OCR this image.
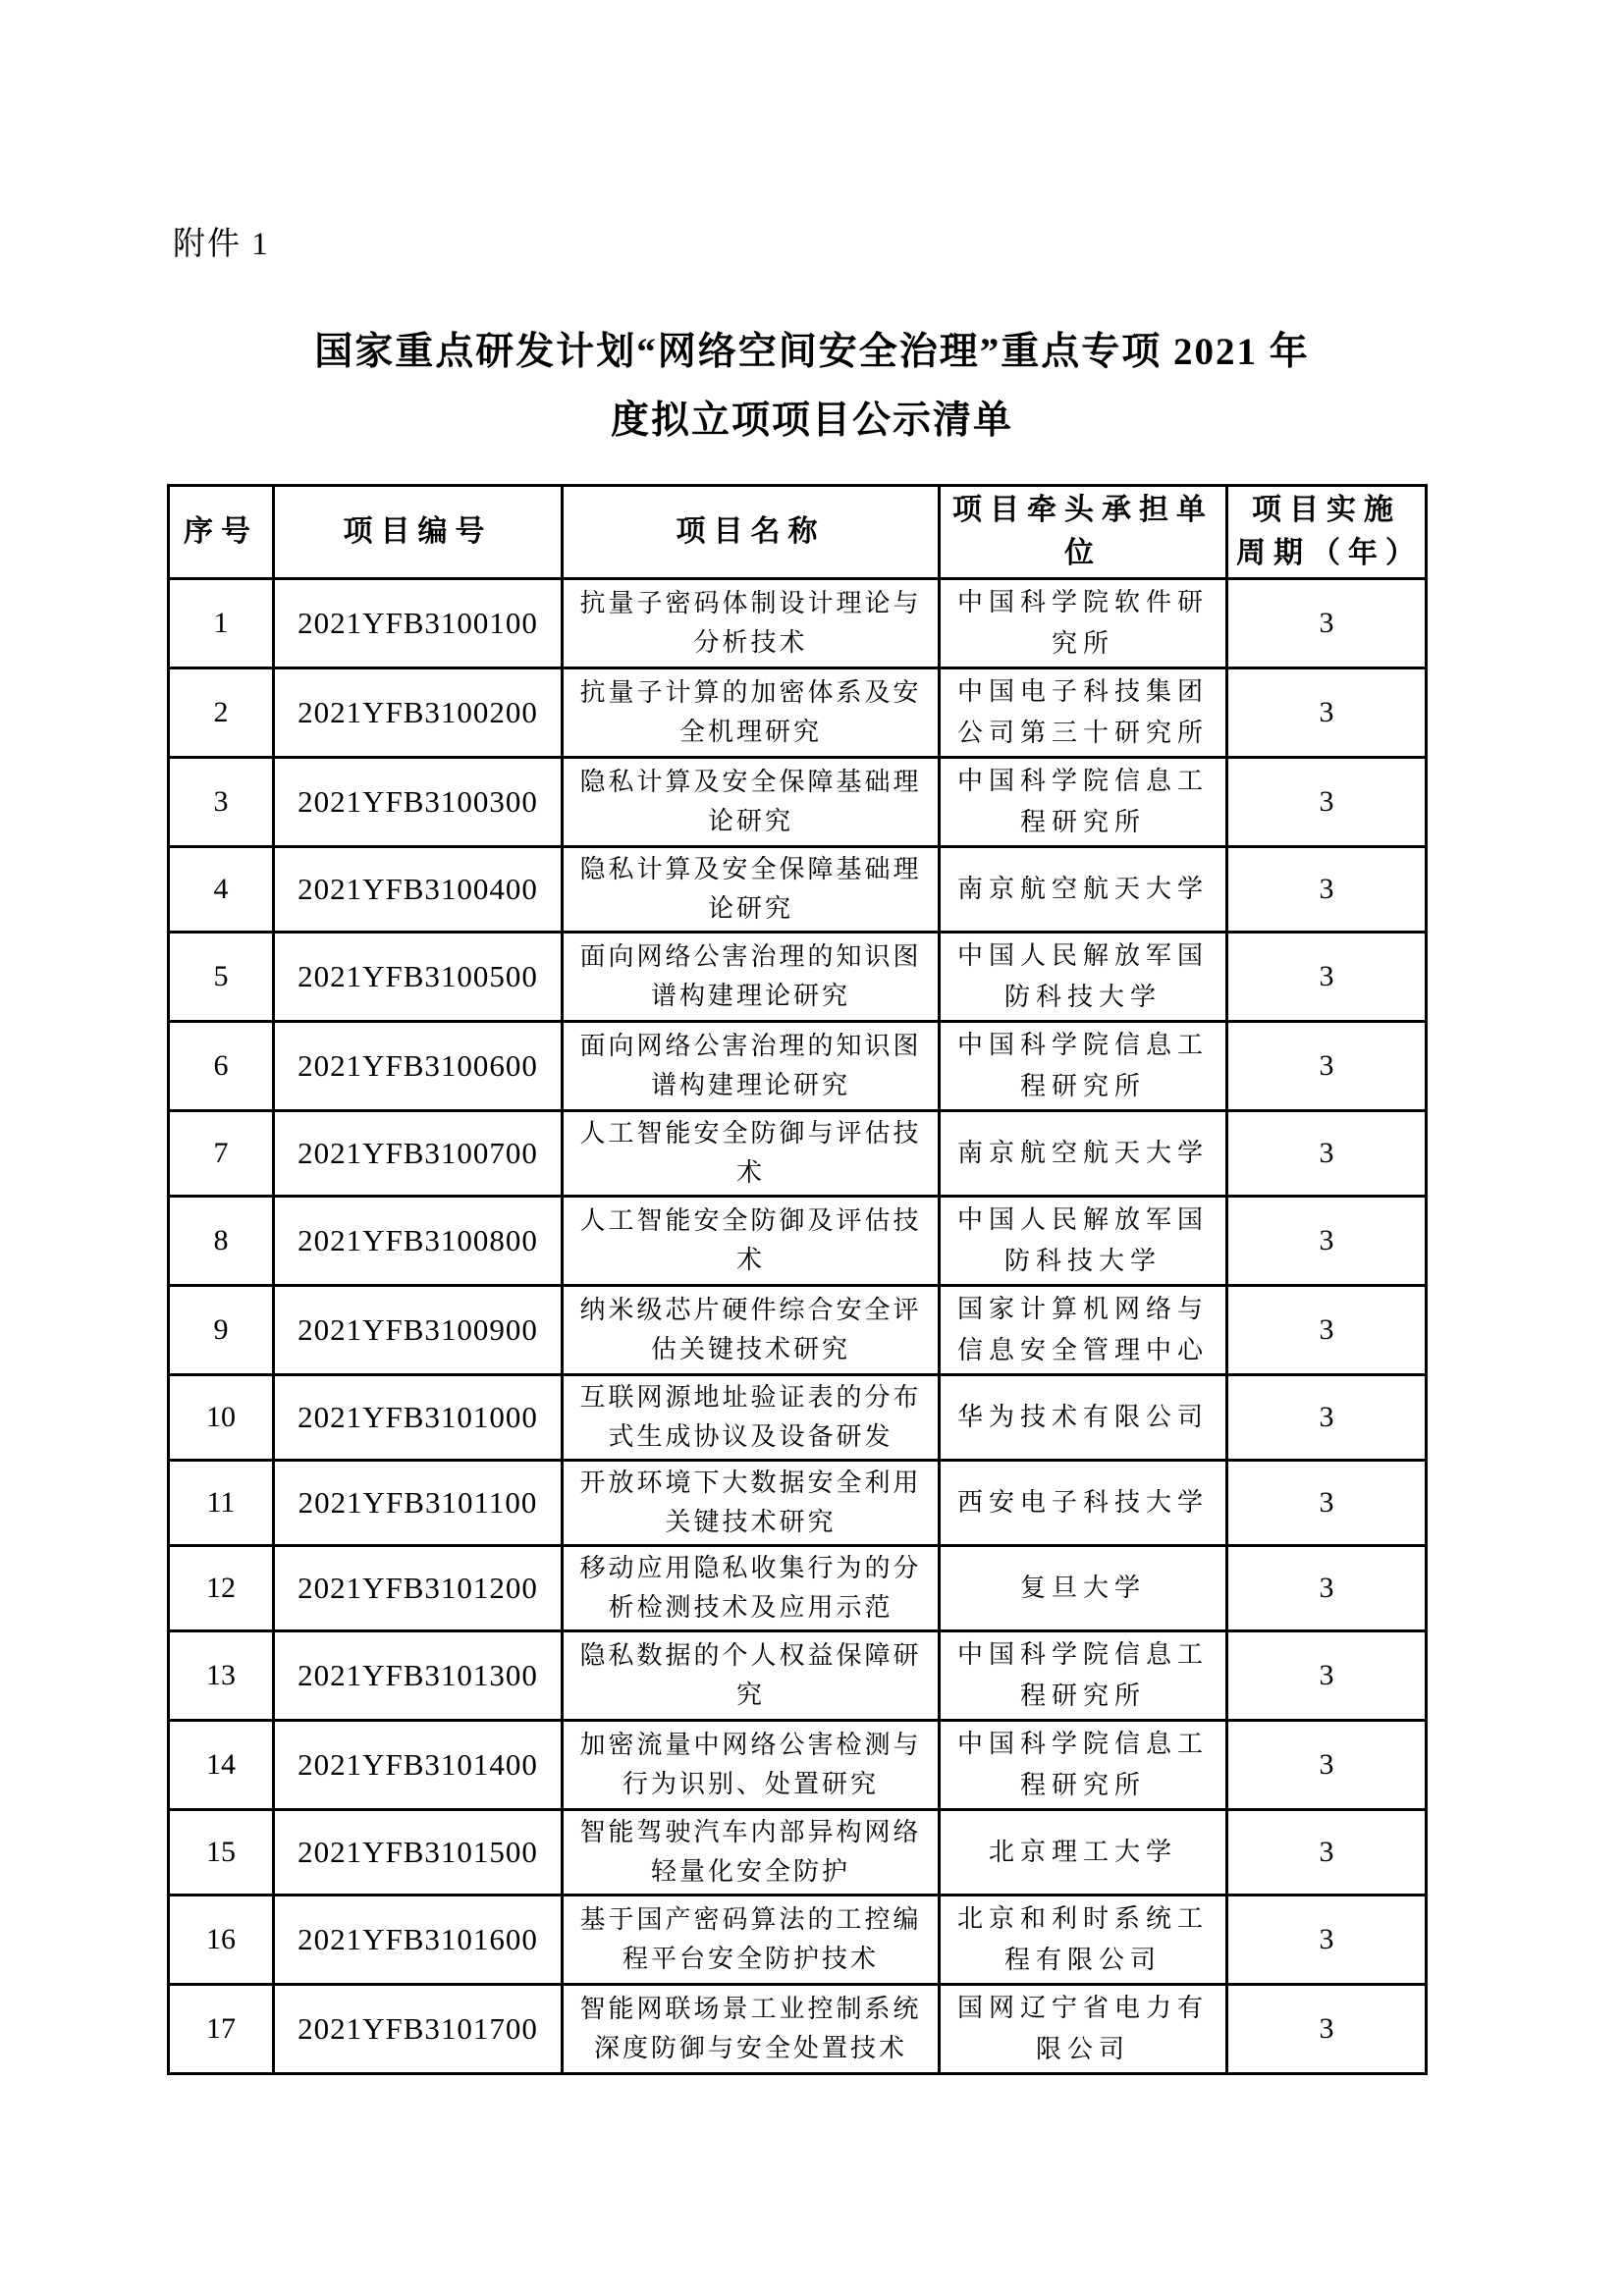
附件 1
国家重点研发计划“网络空间安全治理”重点专项 2021 年
度拟立项项目公示清单
序号	项目编号	项目名称	项目牵头承担单位	项目实施周期（年）
1	2021YFB3100100	抗量子密码体制设计理论与分析技术	中国科学院软件研究所	3
2	2021YFB3100200	抗量子计算的加密体系及安全机理研究	中国电子科技集团公司第三十研究所	3
3	2021YFB3100300	隐私计算及安全保障基础理论研究	中国科学院信息工程研究所	3
4	2021YFB3100400	隐私计算及安全保障基础理论研究	南京航空航天大学	3
5	2021YFB3100500	面向网络公害治理的知识图谱构建理论研究	中国人民解放军国防科技大学	3
6	2021YFB3100600	面向网络公害治理的知识图谱构建理论研究	中国科学院信息工程研究所	3
7	2021YFB3100700	人工智能安全防御与评估技术	南京航空航天大学	3
8	2021YFB3100800	人工智能安全防御及评估技术	中国人民解放军国防科技大学	3
9	2021YFB3100900	纳米级芯片硬件综合安全评估关键技术研究	国家计算机网络与信息安全管理中心	3
10	2021YFB3101000	互联网源地址验证表的分布式生成协议及设备研发	华为技术有限公司	3
11	2021YFB3101100	开放环境下大数据安全利用关键技术研究	西安电子科技大学	3
12	2021YFB3101200	移动应用隐私收集行为的分析检测技术及应用示范	复旦大学	3
13	2021YFB3101300	隐私数据的个人权益保障研究	中国科学院信息工程研究所	3
14	2021YFB3101400	加密流量中网络公害检测与行为识别、处置研究	中国科学院信息工程研究所	3
15	2021YFB3101500	智能驾驶汽车内部异构网络轻量化安全防护	北京理工大学	3
16	2021YFB3101600	基于国产密码算法的工控编程平台安全防护技术	北京和利时系统工程有限公司	3
17	2021YFB3101700	智能网联场景工业控制系统深度防御与安全处置技术	国网辽宁省电力有限公司	3
